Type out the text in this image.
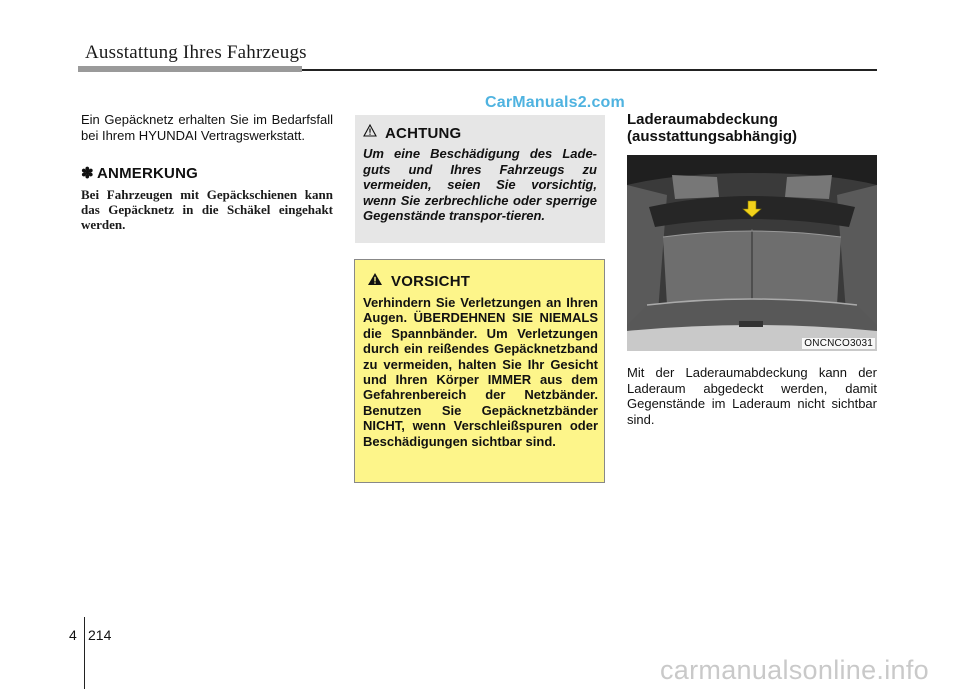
Ausstattung Ihres Fahrzeugs
CarManuals2.com
Ein Gepäcknetz erhalten Sie im Bedarfsfall bei Ihrem HYUNDAI Vertragswerkstatt.
✽ ANMERKUNG
Bei Fahrzeugen mit Gepäckschienen kann das Gepäcknetz in die Schäkel eingehakt werden.
ACHTUNG
Um eine Beschädigung des Lade-guts und Ihres Fahrzeugs zu vermeiden, seien Sie vorsichtig, wenn Sie zerbrechliche oder sperrige Gegenstände transpor-tieren.
VORSICHT
Verhindern Sie Verletzungen an Ihren Augen. ÜBERDEHNEN SIE NIEMALS die Spannbänder. Um Verletzungen durch ein reißendes Gepäcknetzband zu vermeiden, halten Sie Ihr Gesicht und Ihren Körper IMMER aus dem Gefahrenbereich der Netzbänder. Benutzen Sie Gepäcknetzbänder NICHT, wenn Verschleißspuren oder Beschädigungen sichtbar sind.
Laderaumabdeckung
(ausstattungsabhängig)
ONCNCO3031
Mit der Laderaumabdeckung kann der Laderaum abgedeckt werden, damit Gegenstände im Laderaum nicht sichtbar sind.
4 214
carmanualsonline.info
